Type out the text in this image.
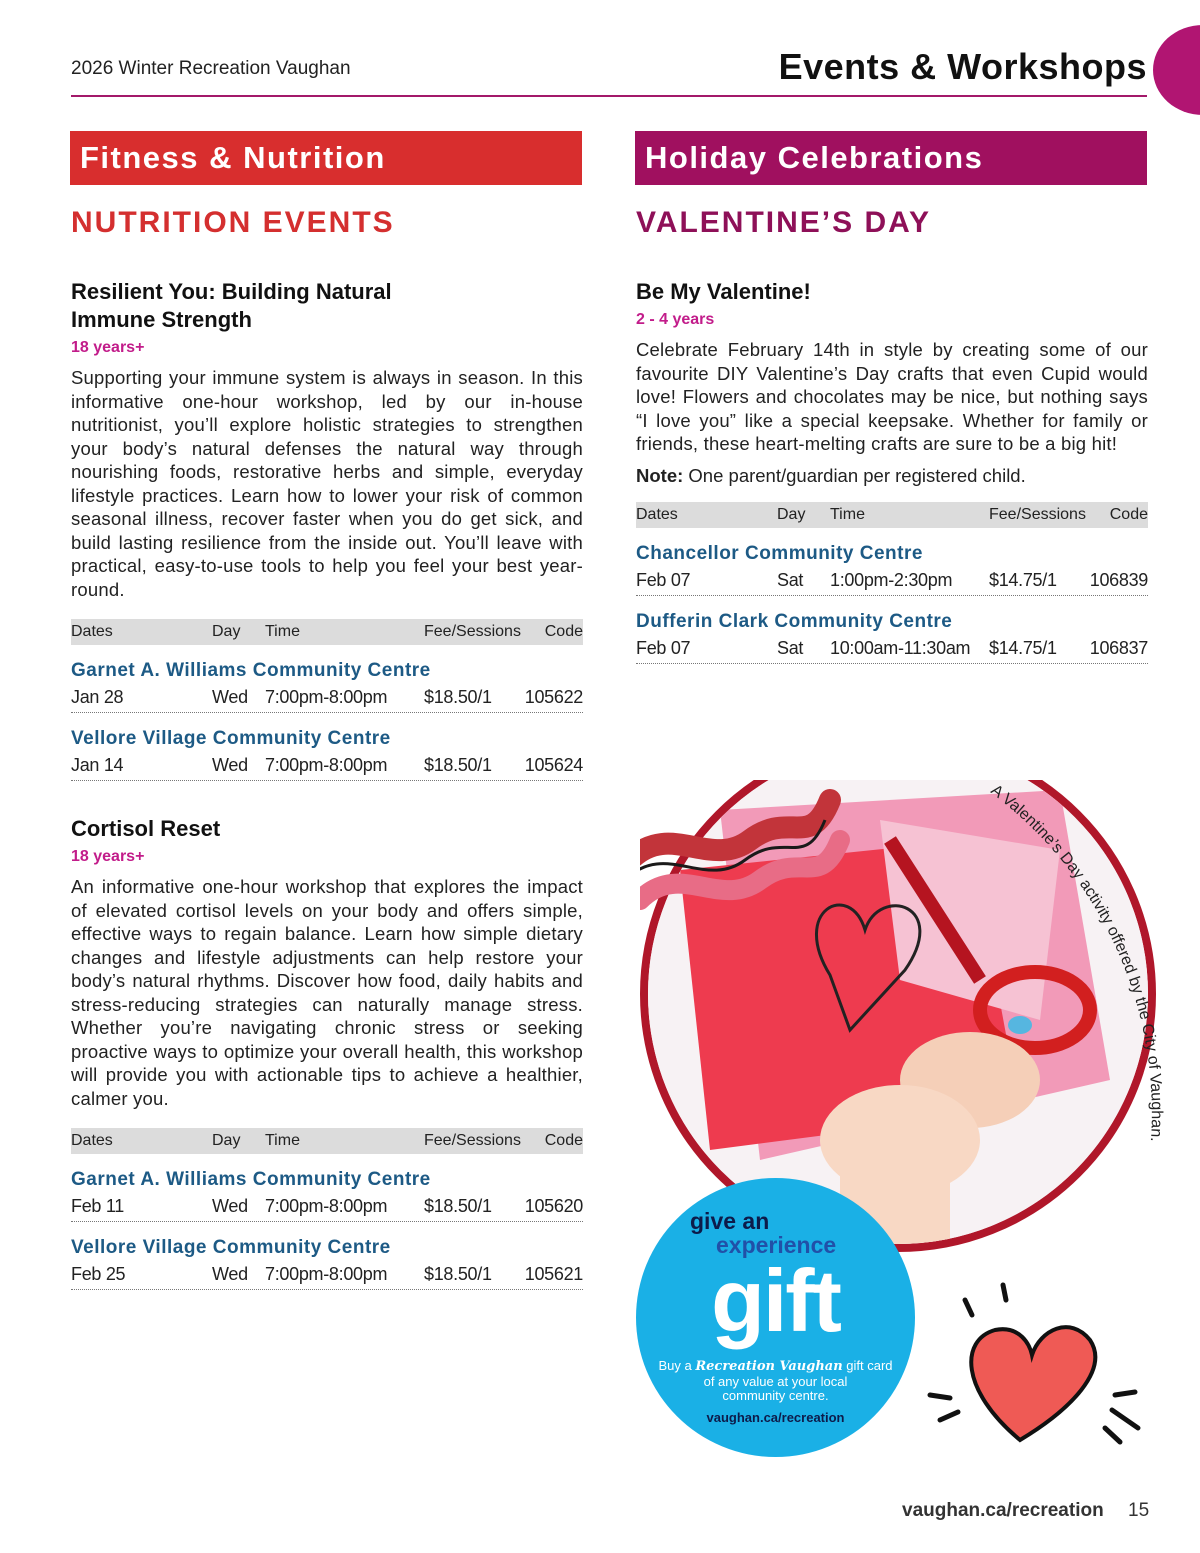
2026 Winter Recreation Vaughan	Events & Workshops
Fitness & Nutrition	Holiday Celebrations
NUTRITION EVENTS	VALENTINE’S DAY
Resilient You: Building Natural
Immune Strength
18 years+
Supporting your immune system is always in season. In this informative one-hour workshop, led by our in-house nutritionist, you’ll explore holistic strategies to strengthen your body’s natural defenses the natural way through nourishing foods, restorative herbs and simple, everyday lifestyle practices. Learn how to lower your risk of common seasonal illness, recover faster when you do get sick, and build lasting resilience from the inside out. You’ll leave with practical, easy-to-use tools to help you feel your best year-round.
Dates	Day	Time	Fee/Sessions	Code
Garnet A. Williams Community Centre
Jan 28	Wed 7:00pm-8:00pm	$18.50/1	105622
Vellore Village Community Centre
Jan 14	Wed 7:00pm-8:00pm	$18.50/1	105624
Cortisol Reset
18 years+
An informative one-hour workshop that explores the impact of elevated cortisol levels on your body and offers simple, effective ways to regain balance. Learn how simple dietary changes and lifestyle adjustments can help restore your body’s natural rhythms. Discover how food, daily habits and stress-reducing strategies can naturally manage stress. Whether you’re navigating chronic stress or seeking proactive ways to optimize your overall health, this workshop will provide you with actionable tips to achieve a healthier, calmer you.
Dates	Day	Time	Fee/Sessions	Code
Garnet A. Williams Community Centre
Feb 11	Wed 7:00pm-8:00pm	$18.50/1	105620
Vellore Village Community Centre
Feb 25	Wed 7:00pm-8:00pm	$18.50/1	105621
Be My Valentine!
2 - 4 years
Celebrate February 14th in style by creating some of our favourite DIY Valentine’s Day crafts that even Cupid would love! Flowers and chocolates may be nice, but nothing says “I love you” like a special keepsake. Whether for family or friends, these heart-melting crafts are sure to be a big hit!
Note: One parent/guardian per registered child.
Dates	Day	Time	Fee/Sessions	Code
Chancellor Community Centre
Feb 07	Sat	1:00pm-2:30pm	$14.75/1	106839
Dufferin Clark Community Centre
Feb 07	Sat	10:00am-11:30am	$14.75/1	106837
A Valentine’s Day activity offered by the City of Vaughan.
give an
experience
gift
Buy a Recreation Vaughan gift card
of any value at your local
community centre.
vaughan.ca/recreation
vaughan.ca/recreation 15
